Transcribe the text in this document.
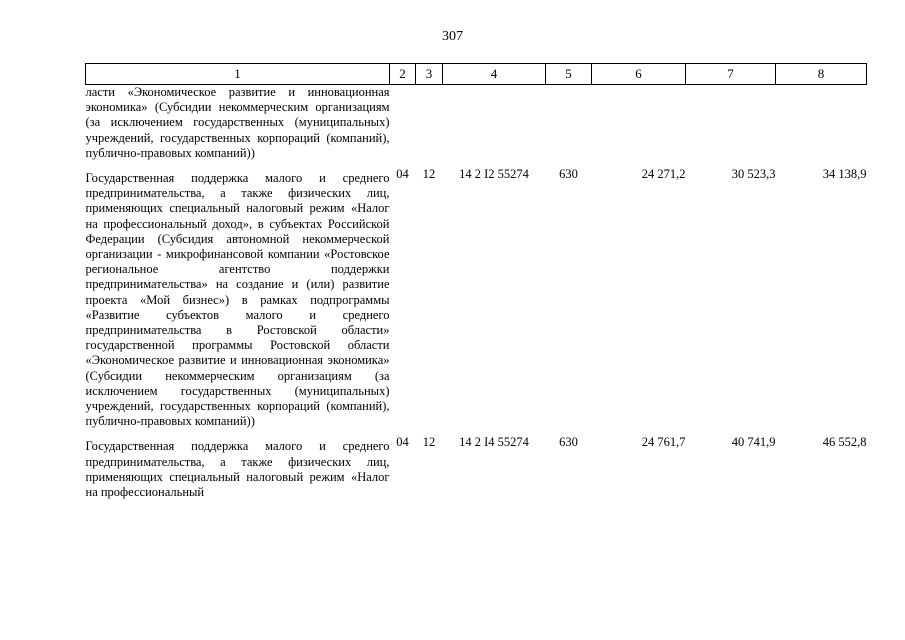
307
1	2	3	4	5	6	7	8

ласти «Экономическое развитие и инновационная экономика» (Субсидии некоммерческим организациям (за исключением государственных (муниципальных) учреждений, государственных корпораций (компаний), публично-правовых компаний))							

Государственная поддержка малого и среднего предпринимательства, а также физических лиц, применяющих специальный налоговый режим «Налог на профессиональный доход», в субъектах Российской Федерации (Субсидия автономной некоммерческой организации - микрофинансовой компании «Ростовское региональное агентство поддержки предпринимательства» на создание и (или) развитие проекта «Мой бизнес») в рамках подпрограммы «Развитие субъектов малого и среднего предпринимательства в Ростовской области» государственной программы Ростовской области «Экономическое развитие и инновационная экономика» (Субсидии некоммерческим организациям (за исключением государственных (муниципальных) учреждений, государственных корпораций (компаний), публично-правовых компаний))	04	12	14 2 I2 55274	630	24 271,2	30 523,3	34 138,9

Государственная поддержка малого и среднего предпринимательства, а также физических лиц, применяющих специальный налоговый режим «Налог на профессиональный	04	12	14 2 I4 55274	630	24 761,7	40 741,9	46 552,8
